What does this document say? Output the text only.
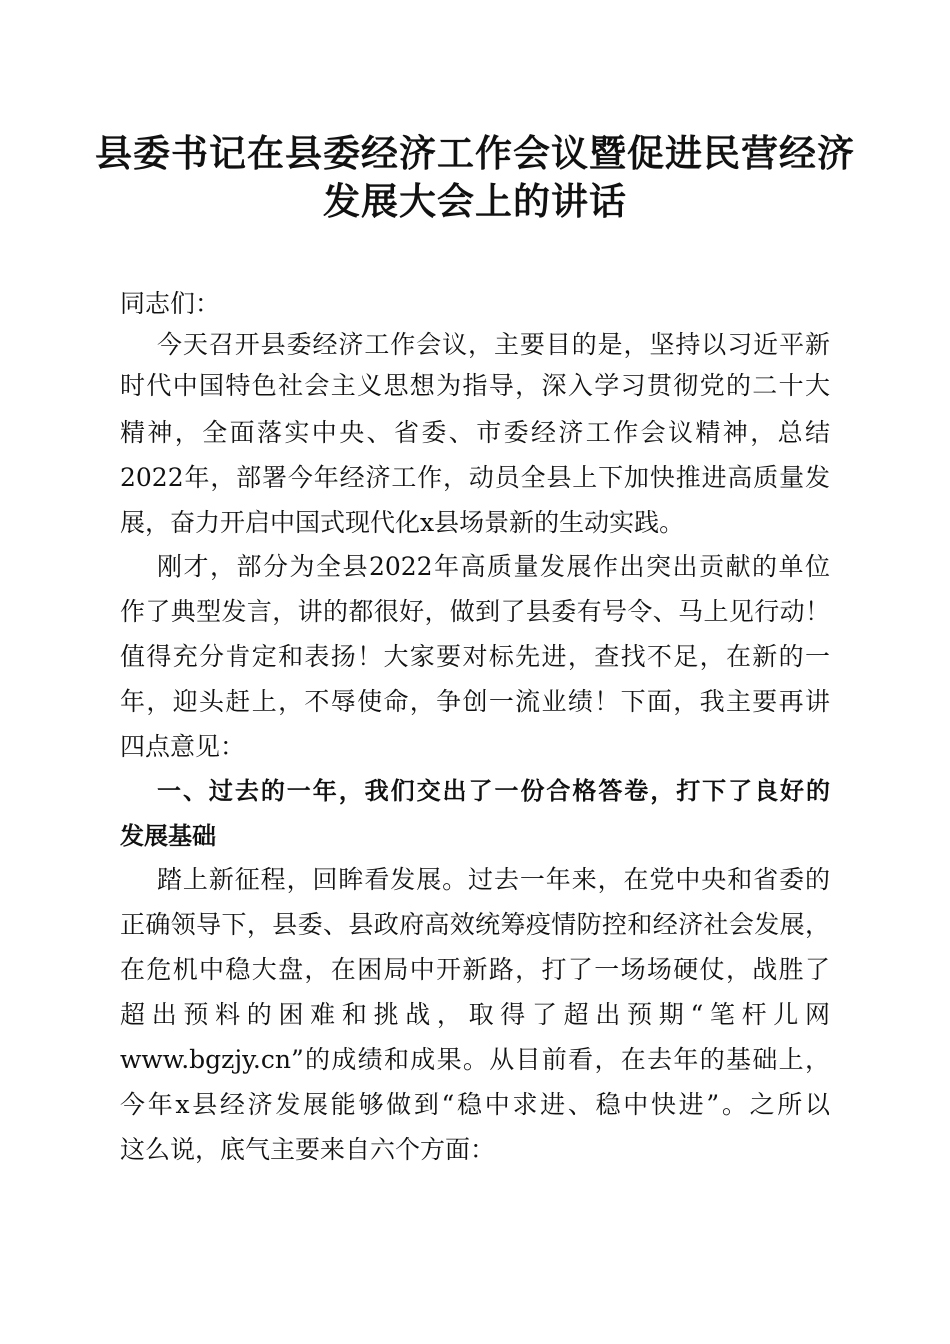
县委书记在县委经济工作会议暨促进民营经济
发展大会上的讲话
同志们：
今天召开县委经济工作会议，主要目的是，坚持以习近平新
时代中国特色社会主义思想为指导，深入学习贯彻党的二十大
精神，全面落实中央、省委、市委经济工作会议精神，总结
2022年，部署今年经济工作，动员全县上下加快推进高质量发
展，奋力开启中国式现代化x县场景新的生动实践。
刚才，部分为全县2022年高质量发展作出突出贡献的单位
作了典型发言，讲的都很好，做到了县委有号令、马上见行动！
值得充分肯定和表扬！大家要对标先进，查找不足，在新的一
年，迎头赶上，不辱使命，争创一流业绩！下面，我主要再讲
四点意见：
一、过去的一年，我们交出了一份合格答卷，打下了良好的
发展基础
踏上新征程，回眸看发展。过去一年来，在党中央和省委的
正确领导下，县委、县政府高效统筹疫情防控和经济社会发展，
在危机中稳大盘，在困局中开新路，打了一场场硬仗，战胜了
超出预料的困难和挑战，取得了超出预期“笔杆儿网
www.bgzjy.cn”的成绩和成果。从目前看，在去年的基础上，
今年x县经济发展能够做到“稳中求进、稳中快进”。之所以
这么说，底气主要来自六个方面：
